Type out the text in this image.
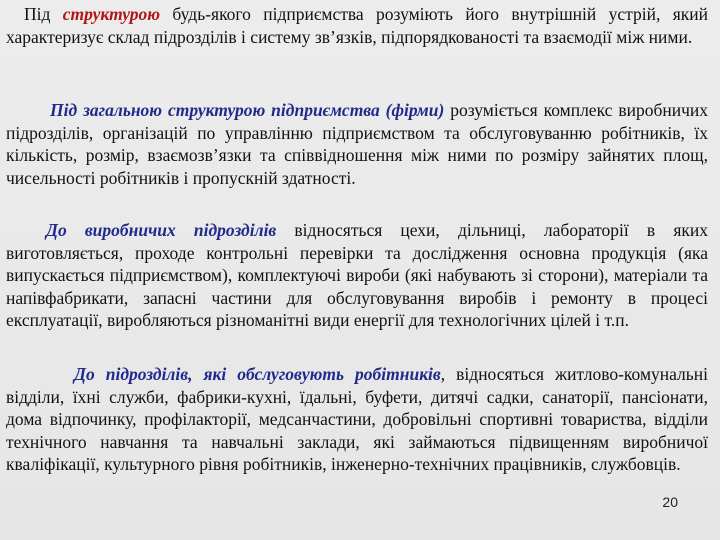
Під структурою будь-якого підприємства розуміють його внутрішній устрій, який характеризує склад підрозділів і систему зв’язків, підпорядкованості та взаємодії між ними.

Під загальною структурою підприємства (фірми) розуміється комплекс виробничих підрозділів, організацій по управлінню підприємством та обслуговуванню робітників, їх кількість, розмір, взаємозв’язки та співвідношення між ними по розміру зайнятих площ, чисельності робітників і пропускній здатності.

До виробничих підрозділів відносяться цехи, дільниці, лабораторії в яких виготовляється, проходе контрольні перевірки та дослідження основна продукція (яка випускається підприємством), комплектуючі вироби (які набувають зі сторони), матеріали та напівфабрикати, запасні частини для обслуговування виробів і ремонту в процесі експлуатації, виробляються різноманітні види енергії для технологічних цілей і т.п.

До підрозділів, які обслуговують робітників, відносяться житлово-комунальні відділи, їхні служби, фабрики-кухні, їдальні, буфети, дитячі садки, санаторії, пансіонати, дома відпочинку, профілакторії, медсанчастини, добровільні спортивні товариства, відділи технічного навчання та навчальні заклади, які займаються підвищенням виробничої кваліфікації, культурного рівня робітників, інженерно-технічних працівників, службовців.

20
